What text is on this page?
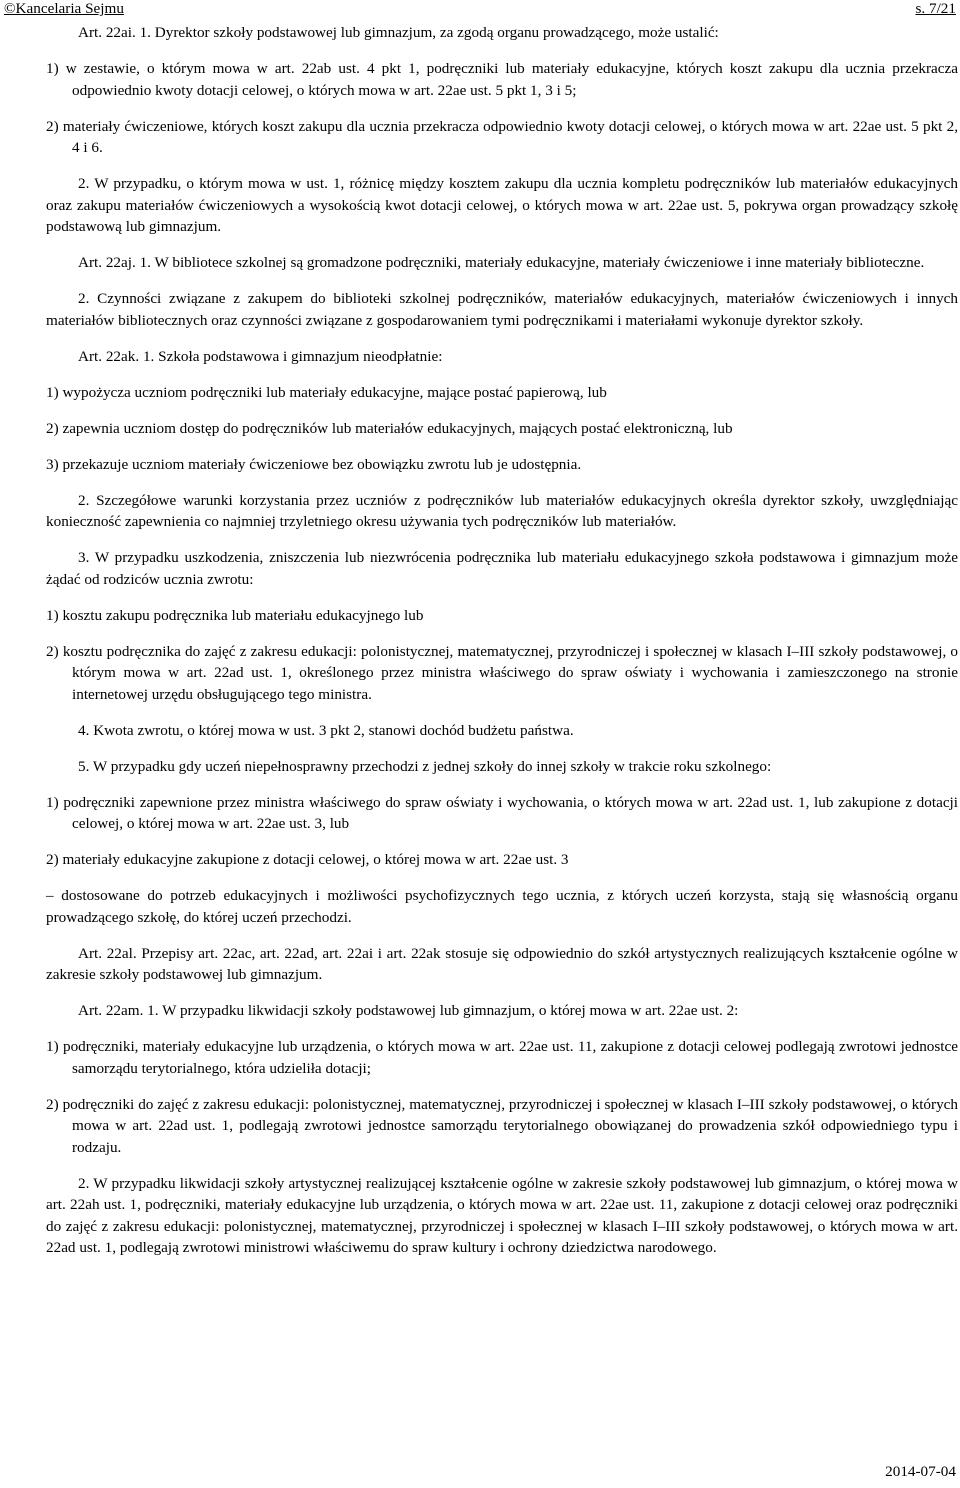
©Kancelaria Sejmu	s. 7/21

Art. 22ai. 1. Dyrektor szkoły podstawowej lub gimnazjum, za zgodą organu prowadzącego, może ustalić:

1) w zestawie, o którym mowa w art. 22ab ust. 4 pkt 1, podręczniki lub materiały edukacyjne, których koszt zakupu dla ucznia przekracza odpowiednio kwoty dotacji celowej, o których mowa w art. 22ae ust. 5 pkt 1, 3 i 5;

2) materiały ćwiczeniowe, których koszt zakupu dla ucznia przekracza odpowiednio kwoty dotacji celowej, o których mowa w art. 22ae ust. 5 pkt 2, 4 i 6.

2. W przypadku, o którym mowa w ust. 1, różnicę między kosztem zakupu dla ucznia kompletu podręczników lub materiałów edukacyjnych oraz zakupu materiałów ćwiczeniowych a wysokością kwot dotacji celowej, o których mowa w art. 22ae ust. 5, pokrywa organ prowadzący szkołę podstawową lub gimnazjum.

Art. 22aj. 1. W bibliotece szkolnej są gromadzone podręczniki, materiały edukacyjne, materiały ćwiczeniowe i inne materiały biblioteczne.

2. Czynności związane z zakupem do biblioteki szkolnej podręczników, materiałów edukacyjnych, materiałów ćwiczeniowych i innych materiałów bibliotecznych oraz czynności związane z gospodarowaniem tymi podręcznikami i materiałami wykonuje dyrektor szkoły.

Art. 22ak. 1. Szkoła podstawowa i gimnazjum nieodpłatnie:

1) wypożycza uczniom podręczniki lub materiały edukacyjne, mające postać papierową, lub

2) zapewnia uczniom dostęp do podręczników lub materiałów edukacyjnych, mających postać elektroniczną, lub

3) przekazuje uczniom materiały ćwiczeniowe bez obowiązku zwrotu lub je udostępnia.

2. Szczegółowe warunki korzystania przez uczniów z podręczników lub materiałów edukacyjnych określa dyrektor szkoły, uwzględniając konieczność zapewnienia co najmniej trzyletniego okresu używania tych podręczników lub materiałów.

3. W przypadku uszkodzenia, zniszczenia lub niezwrócenia podręcznika lub materiału edukacyjnego szkoła podstawowa i gimnazjum może żądać od rodziców ucznia zwrotu:

1) kosztu zakupu podręcznika lub materiału edukacyjnego lub

2) kosztu podręcznika do zajęć z zakresu edukacji: polonistycznej, matematycznej, przyrodniczej i społecznej w klasach I–III szkoły podstawowej, o którym mowa w art. 22ad ust. 1, określonego przez ministra właściwego do spraw oświaty i wychowania i zamieszczonego na stronie internetowej urzędu obsługującego tego ministra.

4. Kwota zwrotu, o której mowa w ust. 3 pkt 2, stanowi dochód budżetu państwa.

5. W przypadku gdy uczeń niepełnosprawny przechodzi z jednej szkoły do innej szkoły w trakcie roku szkolnego:

1) podręczniki zapewnione przez ministra właściwego do spraw oświaty i wychowania, o których mowa w art. 22ad ust. 1, lub zakupione z dotacji celowej, o której mowa w art. 22ae ust. 3, lub

2) materiały edukacyjne zakupione z dotacji celowej, o której mowa w art. 22ae ust. 3

– dostosowane do potrzeb edukacyjnych i możliwości psychofizycznych tego ucznia, z których uczeń korzysta, stają się własnością organu prowadzącego szkołę, do której uczeń przechodzi.

Art. 22al. Przepisy art. 22ac, art. 22ad, art. 22ai i art. 22ak stosuje się odpowiednio do szkół artystycznych realizujących kształcenie ogólne w zakresie szkoły podstawowej lub gimnazjum.

Art. 22am. 1. W przypadku likwidacji szkoły podstawowej lub gimnazjum, o której mowa w art. 22ae ust. 2:

1) podręczniki, materiały edukacyjne lub urządzenia, o których mowa w art. 22ae ust. 11, zakupione z dotacji celowej podlegają zwrotowi jednostce samorządu terytorialnego, która udzieliła dotacji;

2) podręczniki do zajęć z zakresu edukacji: polonistycznej, matematycznej, przyrodniczej i społecznej w klasach I–III szkoły podstawowej, o których mowa w art. 22ad ust. 1, podlegają zwrotowi jednostce samorządu terytorialnego obowiązanej do prowadzenia szkół odpowiedniego typu i rodzaju.

2. W przypadku likwidacji szkoły artystycznej realizującej kształcenie ogólne w zakresie szkoły podstawowej lub gimnazjum, o której mowa w art. 22ah ust. 1, podręczniki, materiały edukacyjne lub urządzenia, o których mowa w art. 22ae ust. 11, zakupione z dotacji celowej oraz podręczniki do zajęć z zakresu edukacji: polonistycznej, matematycznej, przyrodniczej i społecznej w klasach I–III szkoły podstawowej, o których mowa w art. 22ad ust. 1, podlegają zwrotowi ministrowi właściwemu do spraw kultury i ochrony dziedzictwa narodowego.

2014-07-04
